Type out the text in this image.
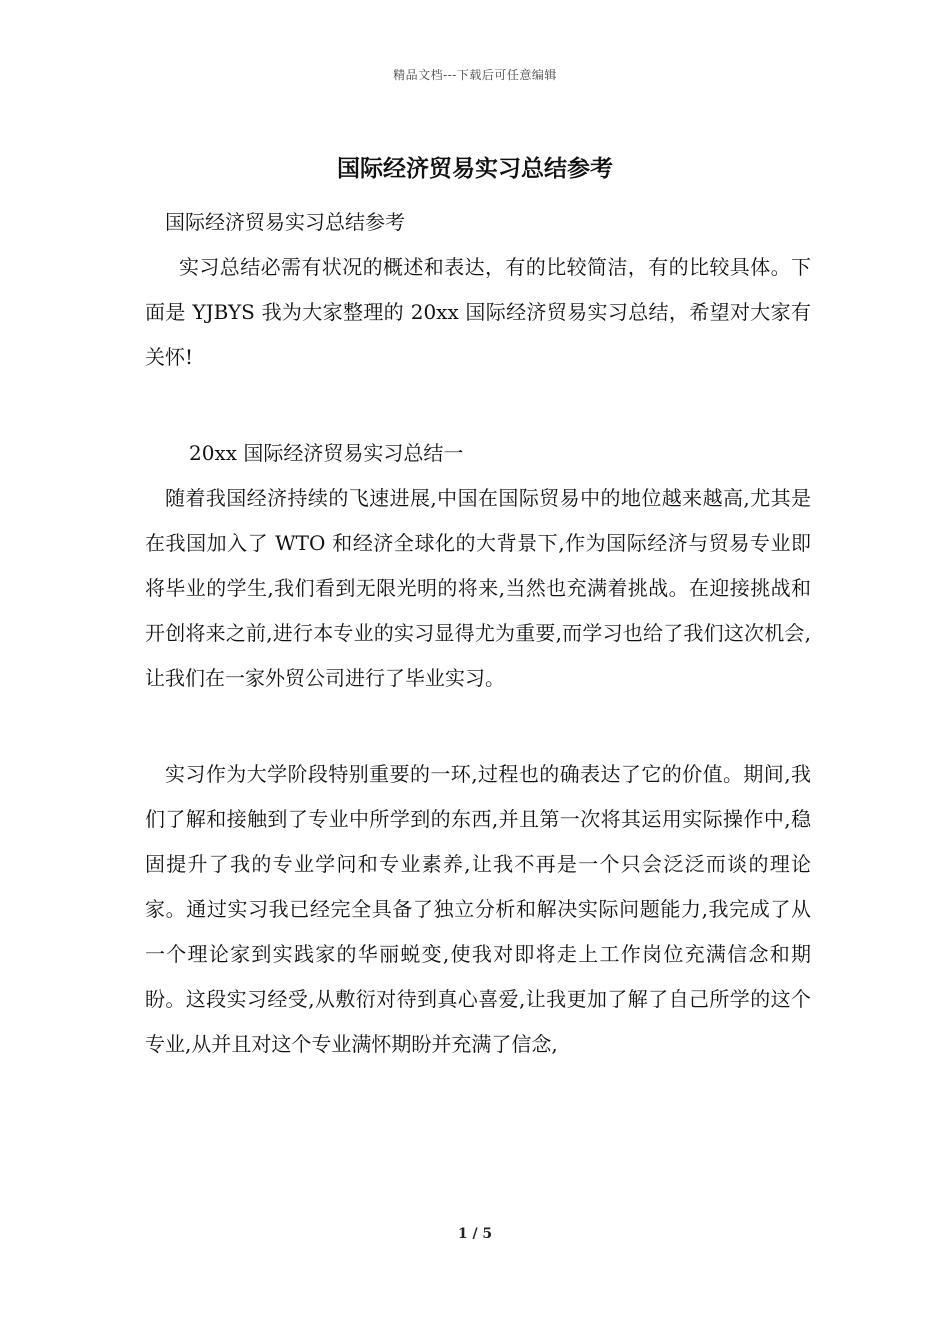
精品文档---下载后可任意编辑
国际经济贸易实习总结参考

国际经济贸易实习总结参考

实习总结必需有状况的概述和表达，有的比较简洁，有的比较具体。下面是 YJBYS 我为大家整理的 20xx 国际经济贸易实习总结，希望对大家有关怀!

20xx 国际经济贸易实习总结一

随着我国经济持续的飞速进展,中国在国际贸易中的地位越来越高,尤其是在我国加入了 WTO 和经济全球化的大背景下,作为国际经济与贸易专业即将毕业的学生,我们看到无限光明的将来,当然也充满着挑战。在迎接挑战和开创将来之前,进行本专业的实习显得尤为重要,而学习也给了我们这次机会,让我们在一家外贸公司进行了毕业实习。

实习作为大学阶段特别重要的一环,过程也的确表达了它的价值。期间,我们了解和接触到了专业中所学到的东西,并且第一次将其运用实际操作中,稳固提升了我的专业学问和专业素养,让我不再是一个只会泛泛而谈的理论家。通过实习我已经完全具备了独立分析和解决实际问题能力,我完成了从一个理论家到实践家的华丽蜕变,使我对即将走上工作岗位充满信念和期盼。这段实习经受,从敷衍对待到真心喜爱,让我更加了解了自己所学的这个专业,从并且对这个专业满怀期盼并充满了信念,

1 / 5
